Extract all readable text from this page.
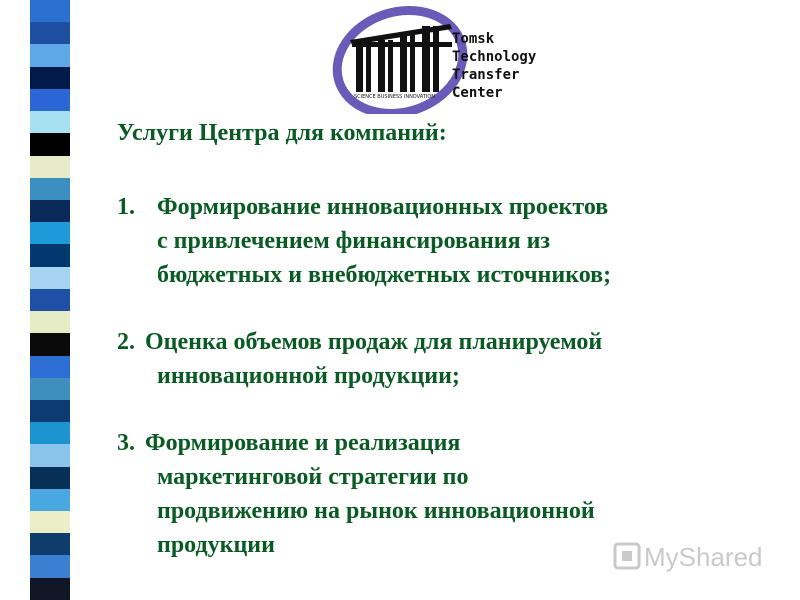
SCIENCE BUSINESS INNOVATION
Tomsk
Technology
Transfer
Center

Услуги Центра для компаний:

1. Формирование инновационных проектов
с привлечением финансирования из
бюджетных и внебюджетных источников;
2. Оценка объемов продаж для планируемой
инновационной продукции;
3. Формирование и реализация
маркетинговой стратегии по
продвижению на рынок инновационной
продукции	MyShared
